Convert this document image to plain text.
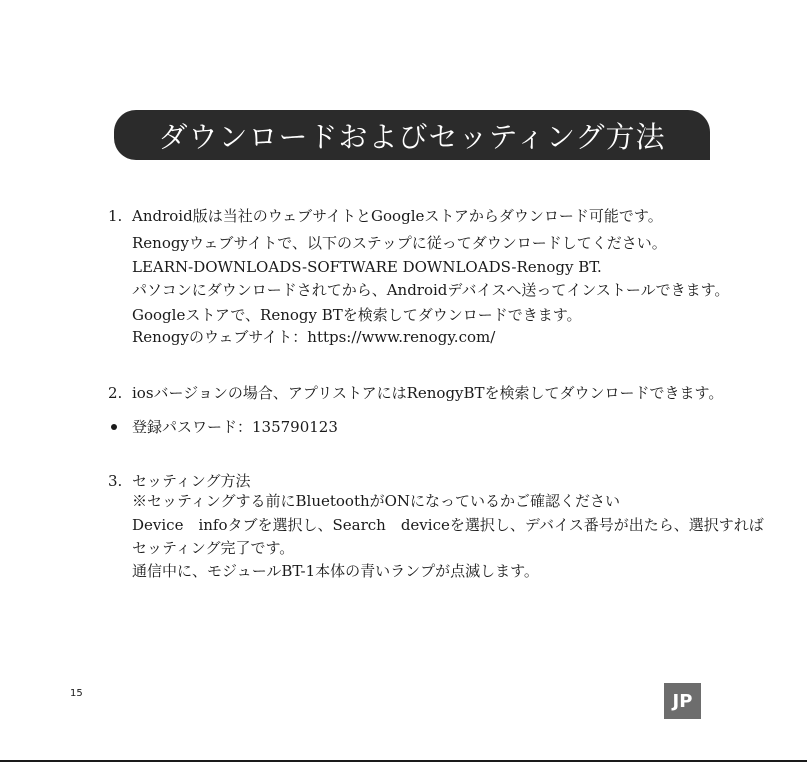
ダウンロードおよびセッティング方法
1. Android版は当社のウェブサイトとGoogleストアからダウンロード可能です。
Renogyウェブサイトで、以下のステップに従ってダウンロードしてください。
LEARN-DOWNLOADS-SOFTWARE DOWNLOADS-Renogy BT.
パソコンにダウンロードされてから、Androidデバイスへ送ってインストールできます。
Googleストアで、Renogy BTを検索してダウンロードできます。
Renogyのウェブサイト：https://www.renogy.com/
2. iosバージョンの場合、アプリストアにはRenogyBTを検索してダウンロードできます。
登録パスワード：135790123
3. セッティング方法
※セッティングする前にBluetoothがONになっているかご確認ください
Device　infoタブを選択し、Search　deviceを選択し、デバイス番号が出たら、選択すれば
セッティング完了です。
通信中に、モジュールBT-1本体の青いランプが点滅します。
15	JP
